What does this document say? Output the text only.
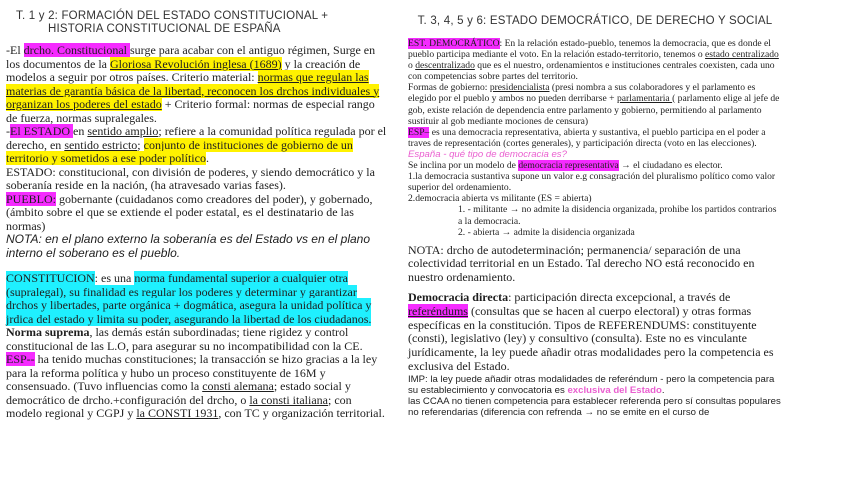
T. 1 y 2: FORMACIÓN DEL ESTADO CONSTITUCIONAL +
HISTORIA CONSTITUCIONAL DE ESPAÑA

-El drcho. Constitucional surge para acabar con el antiguo régimen, Surge en los documentos de la Gloriosa Revolución inglesa (1689) y la creación de modelos a seguir por otros países. Criterio material: normas que regulan las materias de garantía básica de la libertad, reconocen los drchos individuales y organizan los poderes del estado + Criterio formal: normas de especial rango de fuerza, normas supralegales.

-El ESTADO en sentido amplio; refiere a la comunidad política regulada por el derecho, en sentido estricto; conjunto de instituciones de gobierno de un territorio y sometidos a ese poder político.

ESTADO: constitucional, con división de poderes, y siendo democrático y la soberanía reside en la nación, (ha atravesado varias fases).

PUEBLO: gobernante (cuidadanos como creadores del poder), y gobernado, (ámbito sobre el que se extiende el poder estatal, es el destinatario de las normas)

NOTA: en el plano externo la soberanía es del Estado vs en el plano interno el soberano es el pueblo.

CONSTITUCION: es una norma fundamental superior a cualquier otra (supralegal), su finalidad es regular los poderes y determinar y garantizar drchos y libertades, parte orgánica + dogmática, asegura la unidad política y jrdica del estado y limita su poder, asegurando la libertad de los ciudadanos.

Norma suprema, las demás están subordinadas; tiene rigidez y control constitucional de las L.O, para asegurar su no incompatibilidad con la CE.

ESP-- ha tenido muchas constituciones; la transacción se hizo gracias a la ley para la reforma política y hubo un proceso constituyente de 16M y consensuado. (Tuvo influencias como la consti alemana; estado social y democrático de drcho.+configuración del drcho, o la consti italiana; con modelo regional y CGPJ y la CONSTI 1931, con TC y organización territorial.

T. 3, 4, 5 y 6: ESTADO DEMOCRÁTICO, DE DERECHO Y SOCIAL

EST. DEMOCRÁTICO: En la relación estado-pueblo, tenemos la democracia, que es donde el pueblo participa mediante el voto. En la relación estado-territorio, tenemos o estado centralizado o descentralizado que es el nuestro, ordenamientos e instituciones centrales coexisten, cada uno con competencias sobre partes del territorio.

Formas de gobierno: presidencialista (presi nombra a sus colaboradores y el parlamento es elegido por el pueblo y ambos no pueden derribarse + parlamentaria ( parlamento elige al jefe de gob, existe relación de dependencia entre parlamento y gobierno, permitiendo al parlamento sustituir al gob mediante mociones de censura)

ESP– es una democracia representativa, abierta y sustantiva, el pueblo participa en el poder a traves de representación (cortes generales), y participación directa (voto en las elecciones).

España - qué tipo de democracia es?

Se inclina por un modelo de democracia representativa → el ciudadano es elector.

1.la democracia sustantiva supone un valor e.g consagración del pluralismo político como valor superior del ordenamiento.

2.democracia abierta vs militante (ES = abierta)

1. - militante → no admite la disidencia organizada, prohibe los partidos contrarios a la democracia.

2. - abierta → admite la disidencia organizada

NOTA: drcho de autodeterminación; permanencia/ separación de una colectividad territorial en un Estado. Tal derecho NO está reconocido en nuestro ordenamiento.

Democracia directa: participación directa excepcional, a través de referéndums (consultas que se hacen al cuerpo electoral) y otras formas específicas en la constitución. Tipos de REFERENDUMS: constituyente (consti), legislativo (ley) y consultivo (consulta). Este no es vinculante jurídicamente, la ley puede añadir otras modalidades pero la competencia es exclusiva del Estado.

IMP: la ley puede añadir otras modalidades de referéndum - pero la competencia para su establecimiento y convocatoria es exclusiva del Estado.

las CCAA no tienen competencia para establecer referenda pero sí consultas populares no referendarias (diferencia con refrenda → no se emite en el curso de
